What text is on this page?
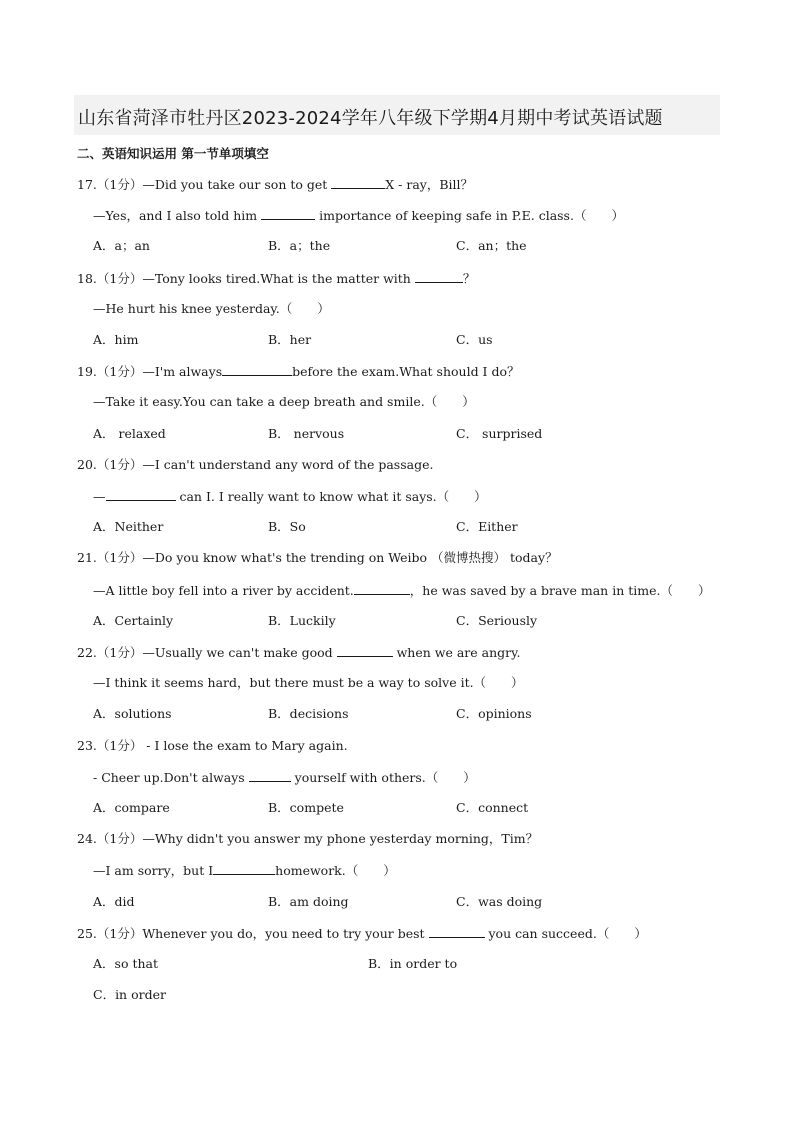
山东省菏泽市牡丹区2023-2024学年八年级下学期4月期中考试英语试题
二、英语知识运用 第一节单项填空
17.（1分）—Did you take our son to get	X - ray，Bill？
—Yes，and I also told him	importance of keeping safe in P.E. class.（　　）
A．a；an	B．a；the	C．an；the
18.（1分）—Tony looks tired.What is the matter with	？
—He hurt his knee yesterday.（　　）
A．him	B．her	C．us
19.（1分）—I'm always	before the exam.What should I do？
—Take it easy.You can take a deep breath and smile.（　　）
A． relaxed	B． nervous	C． surprised
20.（1分）—I can't understand any word of the passage.
—	can I. I really want to know what it says.（　　）
A．Neither	B．So	C．Either
21.（1分）—Do you know what's the trending on Weibo （微博热搜） today？
—A little boy fell into a river by accident.	，he was saved by a brave man in time.（　　）
A．Certainly	B．Luckily	C．Seriously
22.（1分）—Usually we can't make good	when we are angry.
—I think it seems hard，but there must be a way to solve it.（　　）
A．solutions	B．decisions	C．opinions
23.（1分） - I lose the exam to Mary again.
- Cheer up.Don't always	yourself with others.（　　）
A．compare	B．compete	C．connect
24.（1分）—Why didn't you answer my phone yesterday morning，Tim？
—I am sorry，but I	homework.（　　）
A．did	B．am doing	C．was doing
25.（1分）Whenever you do，you need to try your best	you can succeed.（　　）
A．so that	B．in order to
C．in order
